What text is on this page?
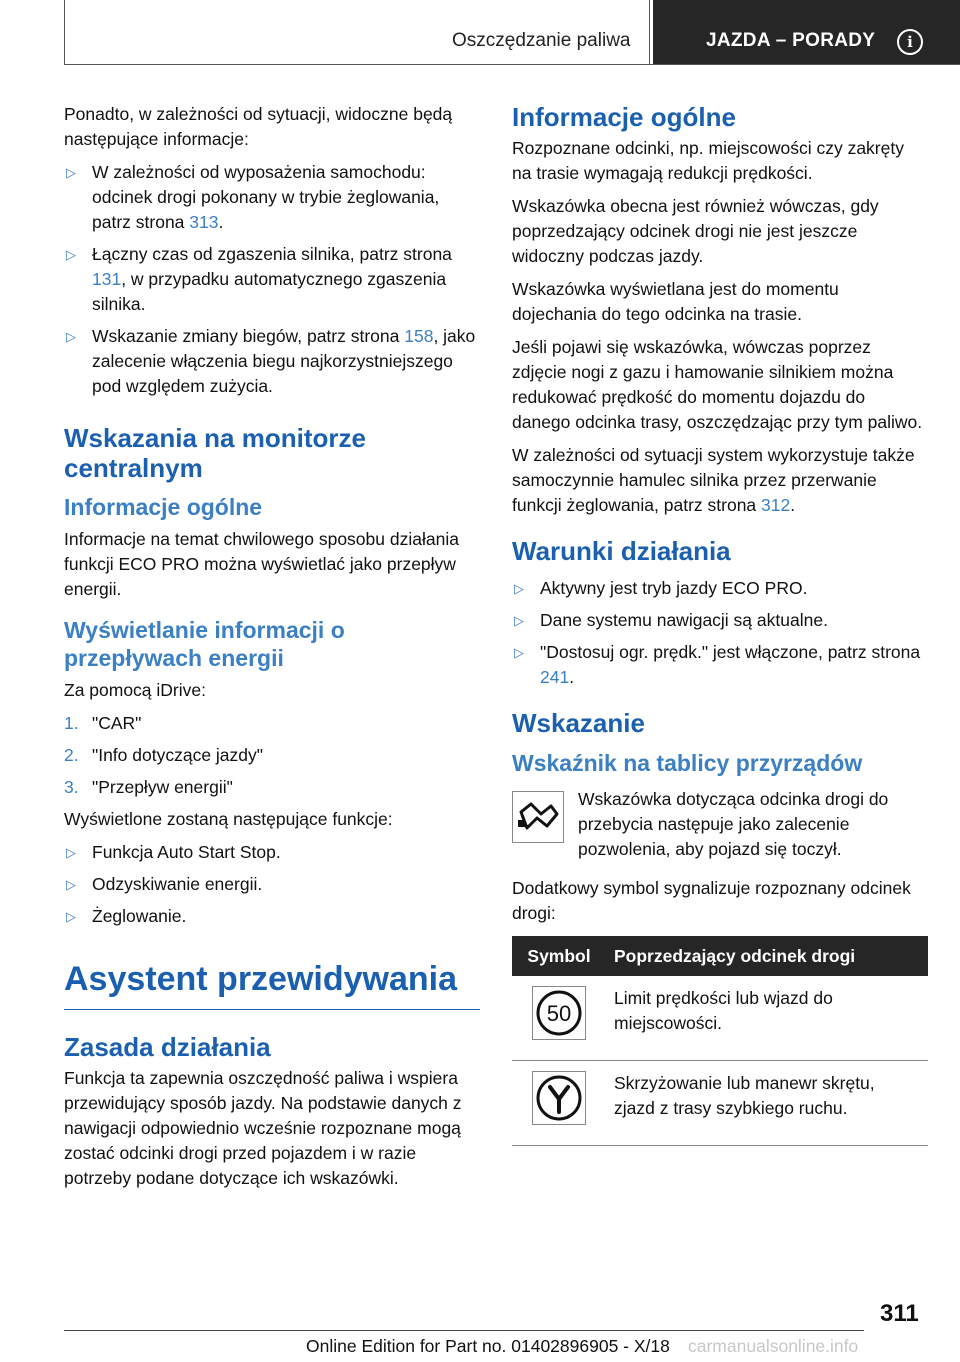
Oszczędzanie paliwa	JAZDA – PORADY	i

Ponadto, w zależności od sytuacji, widoczne będą następujące informacje:

▷ W zależności od wyposażenia samochodu: odcinek drogi pokonany w trybie żeglowania, patrz strona 313.
▷ Łączny czas od zgaszenia silnika, patrz strona 131, w przypadku automatycznego zgaszenia silnika.
▷ Wskazanie zmiany biegów, patrz strona 158, jako zalecenie włączenia biegu najkorzystniejszego pod względem zużycia.
Wskazania na monitorze centralnym
Informacje ogólne

Informacje na temat chwilowego sposobu działania funkcji ECO PRO można wyświetlać jako przepływ energii.

Wyświetlanie informacji o przepływach energii

Za pomocą iDrive:

1. "CAR"
2. "Info dotyczące jazdy"
3. "Przepływ energii"

Wyświetlone zostaną następujące funkcje:

▷ Funkcja Auto Start Stop.
▷ Odzyskiwanie energii.
▷ Żeglowanie.
Asystent przewidywania
Zasada działania

Funkcja ta zapewnia oszczędność paliwa i wspiera przewidujący sposób jazdy. Na podstawie danych z nawigacji odpowiednio wcześnie rozpoznane mogą zostać odcinki drogi przed pojazdem i w razie potrzeby podane dotyczące ich wskazówki.

Informacje ogólne

Rozpoznane odcinki, np. miejscowości czy zakręty na trasie wymagają redukcji prędkości.

Wskazówka obecna jest również wówczas, gdy poprzedzający odcinek drogi nie jest jeszcze widoczny podczas jazdy.

Wskazówka wyświetlana jest do momentu dojechania do tego odcinka na trasie.

Jeśli pojawi się wskazówka, wówczas poprzez zdjęcie nogi z gazu i hamowanie silnikiem można redukować prędkość do momentu dojazdu do danego odcinka trasy, oszczędzając przy tym paliwo.

W zależności od sytuacji system wykorzystuje także samoczynnie hamulec silnika przez przerwanie funkcji żeglowania, patrz strona 312.

Warunki działania
▷ Aktywny jest tryb jazdy ECO PRO.
▷ Dane systemu nawigacji są aktualne.
▷ "Dostosuj ogr. prędk." jest włączone, patrz strona 241.
Wskazanie
Wskaźnik na tablicy przyrządów
Wskazówka dotycząca odcinka drogi do przebycia następuje jako zalecenie pozwolenia, aby pojazd się toczył.

Dodatkowy symbol sygnalizuje rozpoznany odcinek drogi:

Symbol	Poprzedzający odcinek drogi

50	Limit prędkości lub wjazd do miejscowości.
	Skrzyżowanie lub manewr skrętu, zjazd z trasy szybkiego ruchu.
311
Online Edition for Part no. 01402896905 - X/18 carmanualsonline.info
